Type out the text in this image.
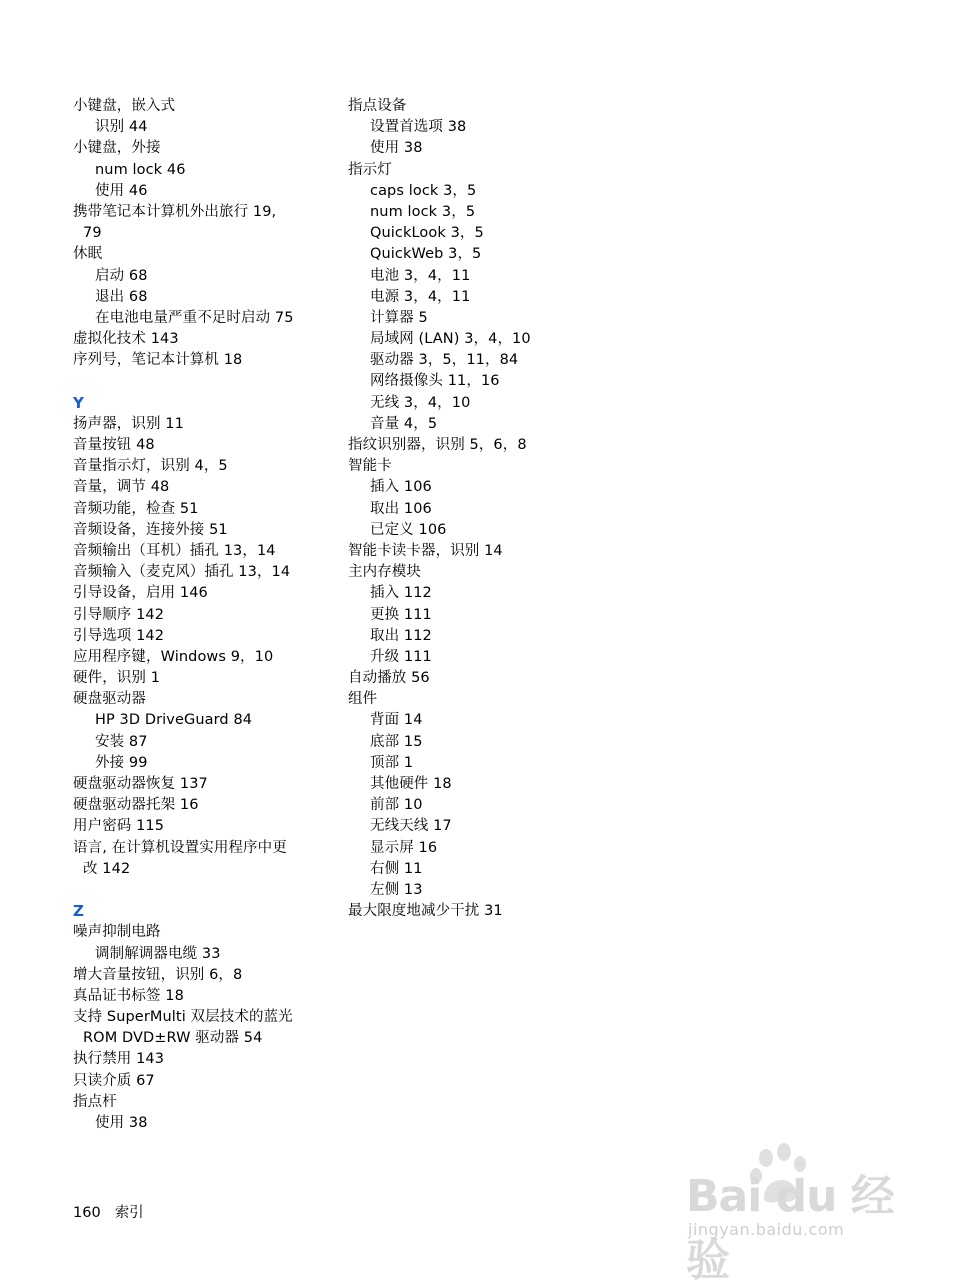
小键盘，嵌入式
识别 44
小键盘，外接
num lock 46
使用 46
携带笔记本计算机外出旅行 19,
79
休眠
启动 68
退出 68
在电池电量严重不足时启动 75
虚拟化技术 143
序列号，笔记本计算机 18
Y
扬声器，识别 11
音量按钮 48
音量指示灯，识别 4，5
音量，调节 48
音频功能，检查 51
音频设备，连接外接 51
音频输出（耳机）插孔 13，14
音频输入（麦克风）插孔 13，14
引导设备，启用 146
引导顺序 142
引导选项 142
应用程序键，Windows 9，10
硬件，识别 1
硬盘驱动器
HP 3D DriveGuard 84
安装 87
外接 99
硬盘驱动器恢复 137
硬盘驱动器托架 16
用户密码 115
语言, 在计算机设置实用程序中更
改 142
Z
噪声抑制电路
调制解调器电缆 33
增大音量按钮，识别 6，8
真品证书标签 18
支持 SuperMulti 双层技术的蓝光
ROM DVD±RW 驱动器 54
执行禁用 143
只读介质 67
指点杆
使用 38
指点设备
设置首选项 38
使用 38
指示灯
caps lock 3，5
num lock 3，5
QuickLook 3，5
QuickWeb 3，5
电池 3，4，11
电源 3，4，11
计算器 5
局域网 (LAN) 3，4，10
驱动器 3，5，11，84
网络摄像头 11，16
无线 3，4，10
音量 4，5
指纹识别器，识别 5，6，8
智能卡
插入 106
取出 106
已定义 106
智能卡读卡器，识别 14
主内存模块
插入 112
更换 111
取出 112
升级 111
自动播放 56
组件
背面 14
底部 15
顶部 1
其他硬件 18
前部 10
无线天线 17
显示屏 16
右侧 11
左侧 13
最大限度地减少干扰 31
160 索引	Bai du 经验
jingyan.baidu.com
